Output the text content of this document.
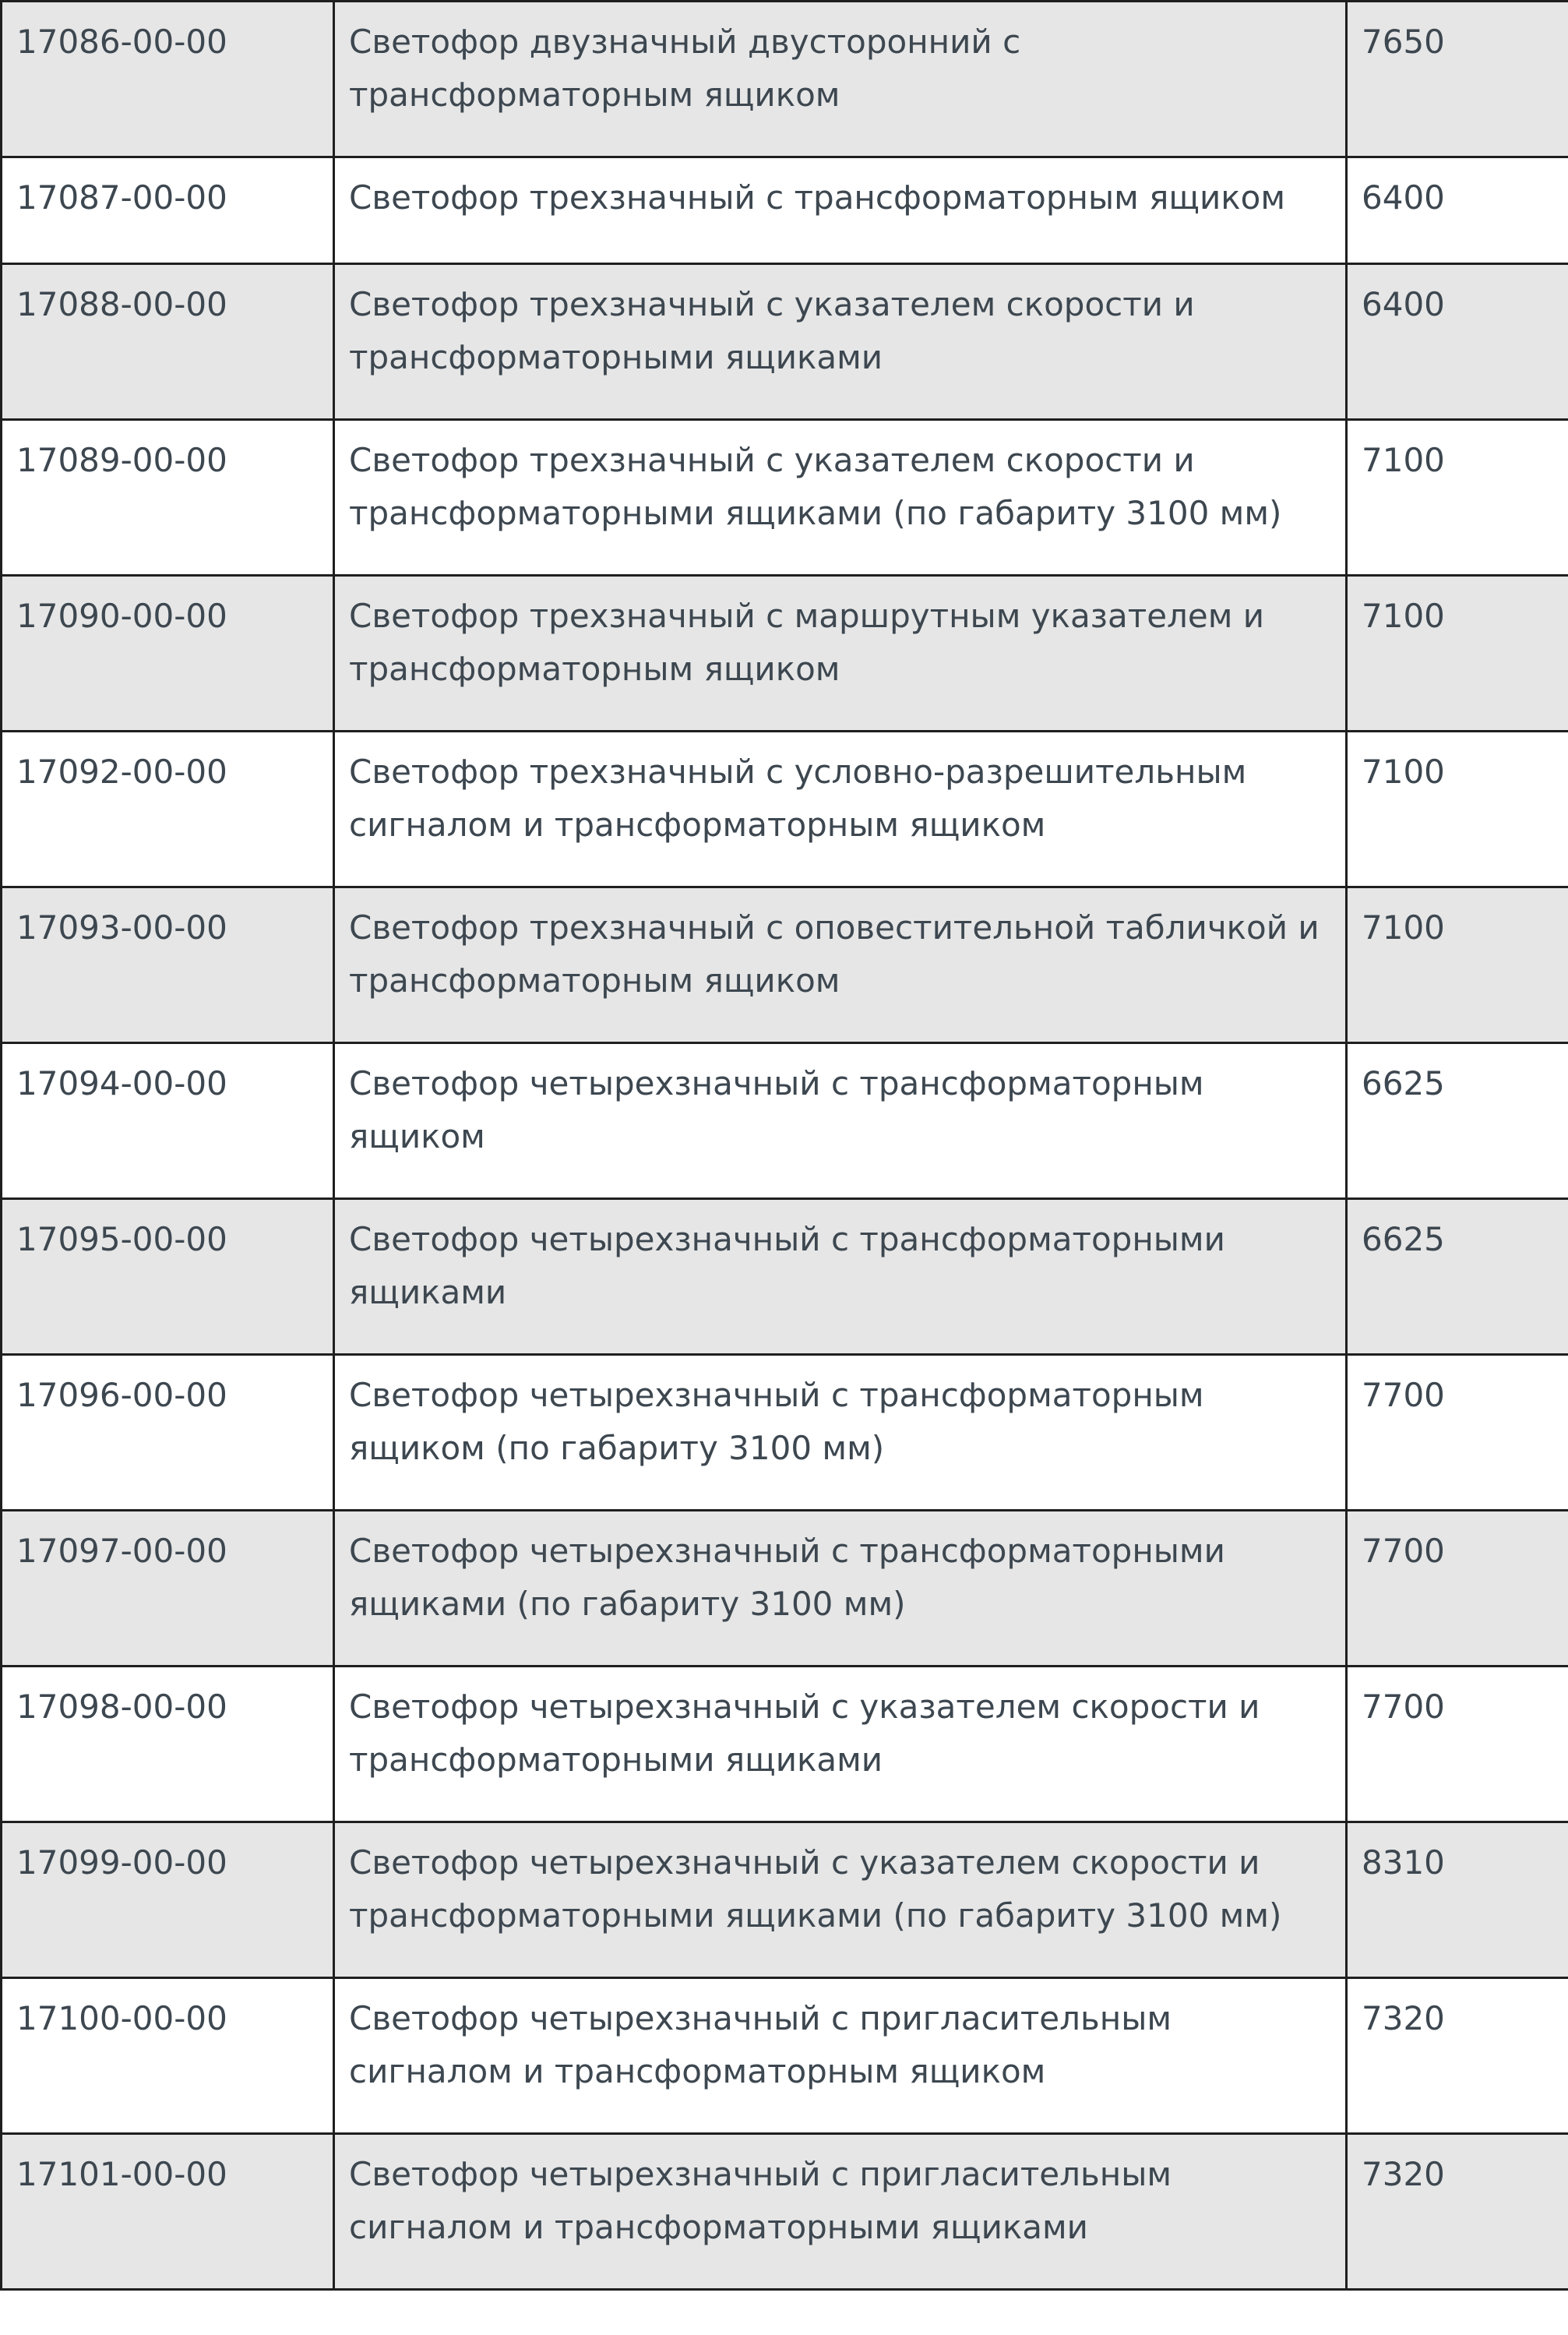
17086-00-00	Светофор двузначный двусторонний с трансформаторным ящиком	7650

17087-00-00	Светофор трехзначный с трансформаторным ящиком	6400

17088-00-00	Светофор трехзначный с указателем скорости и трансформаторными ящиками	6400

17089-00-00	Светофор трехзначный с указателем скорости и трансформаторными ящиками (по габариту 3100 мм)	7100

17090-00-00	Светофор трехзначный с маршрутным указателем и трансформаторным ящиком	7100

17092-00-00	Светофор трехзначный с условно-разрешительным сигналом и трансформаторным ящиком	7100

17093-00-00	Светофор трехзначный с оповестительной табличкой и трансформаторным ящиком	7100

17094-00-00	Светофор четырехзначный с трансформаторным ящиком	6625

17095-00-00	Светофор четырехзначный с трансформаторными ящиками	6625

17096-00-00	Светофор четырехзначный с трансформаторным ящиком (по габариту 3100 мм)	7700

17097-00-00	Светофор четырехзначный с трансформаторными ящиками (по габариту 3100 мм)	7700

17098-00-00	Светофор четырехзначный с указателем скорости и трансформаторными ящиками	7700

17099-00-00	Светофор четырехзначный с указателем скорости и трансформаторными ящиками (по габариту 3100 мм)	8310

17100-00-00	Светофор четырехзначный с пригласительным сигналом и трансформаторным ящиком	7320

17101-00-00	Светофор четырехзначный с пригласительным сигналом и трансформаторными ящиками	7320
